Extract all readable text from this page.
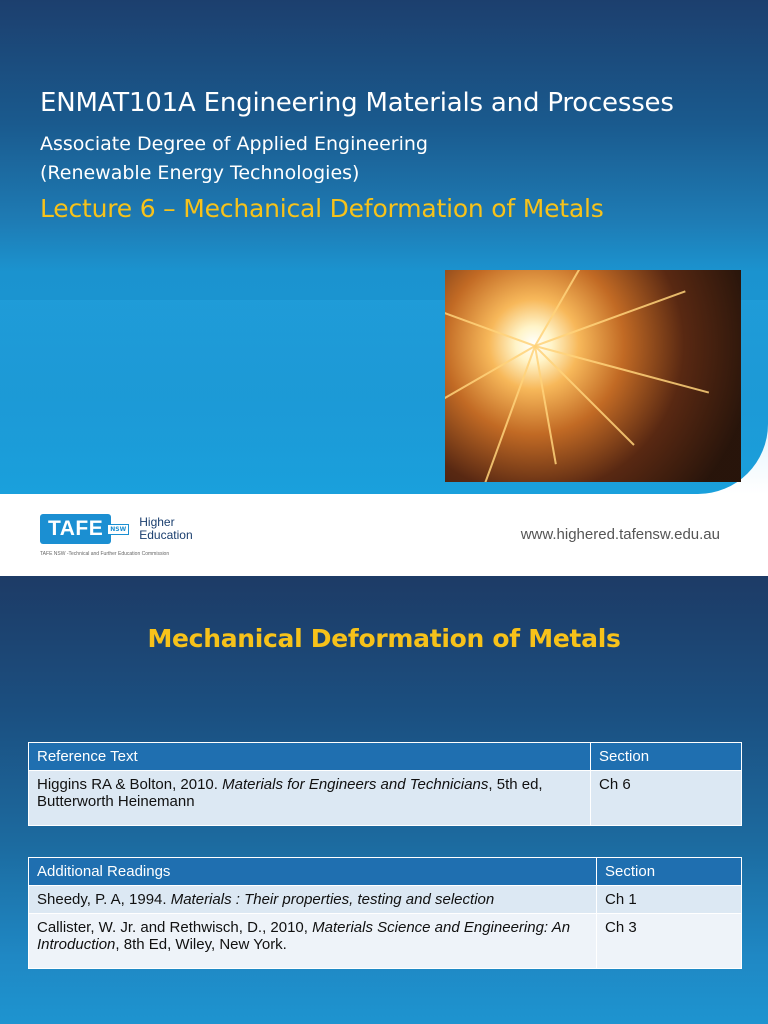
ENMAT101A Engineering Materials and Processes
Associate Degree of Applied Engineering
(Renewable Energy Technologies)
Lecture 6 – Mechanical Deformation of Metals
TAFE	NSW Higher
Education
TAFE NSW -Technical and Further Education Commission
www.highered.tafensw.edu.au
Mechanical Deformation of Metals
Reference Text	Section
Higgins RA & Bolton, 2010. Materials for Engineers and Technicians, 5th ed, Butterworth Heinemann	Ch 6
Additional Readings	Section
Sheedy, P. A, 1994. Materials : Their properties, testing and selection	Ch 1
Callister, W. Jr. and Rethwisch, D., 2010, Materials Science and Engineering: An Introduction, 8th Ed, Wiley, New York.	Ch 3
